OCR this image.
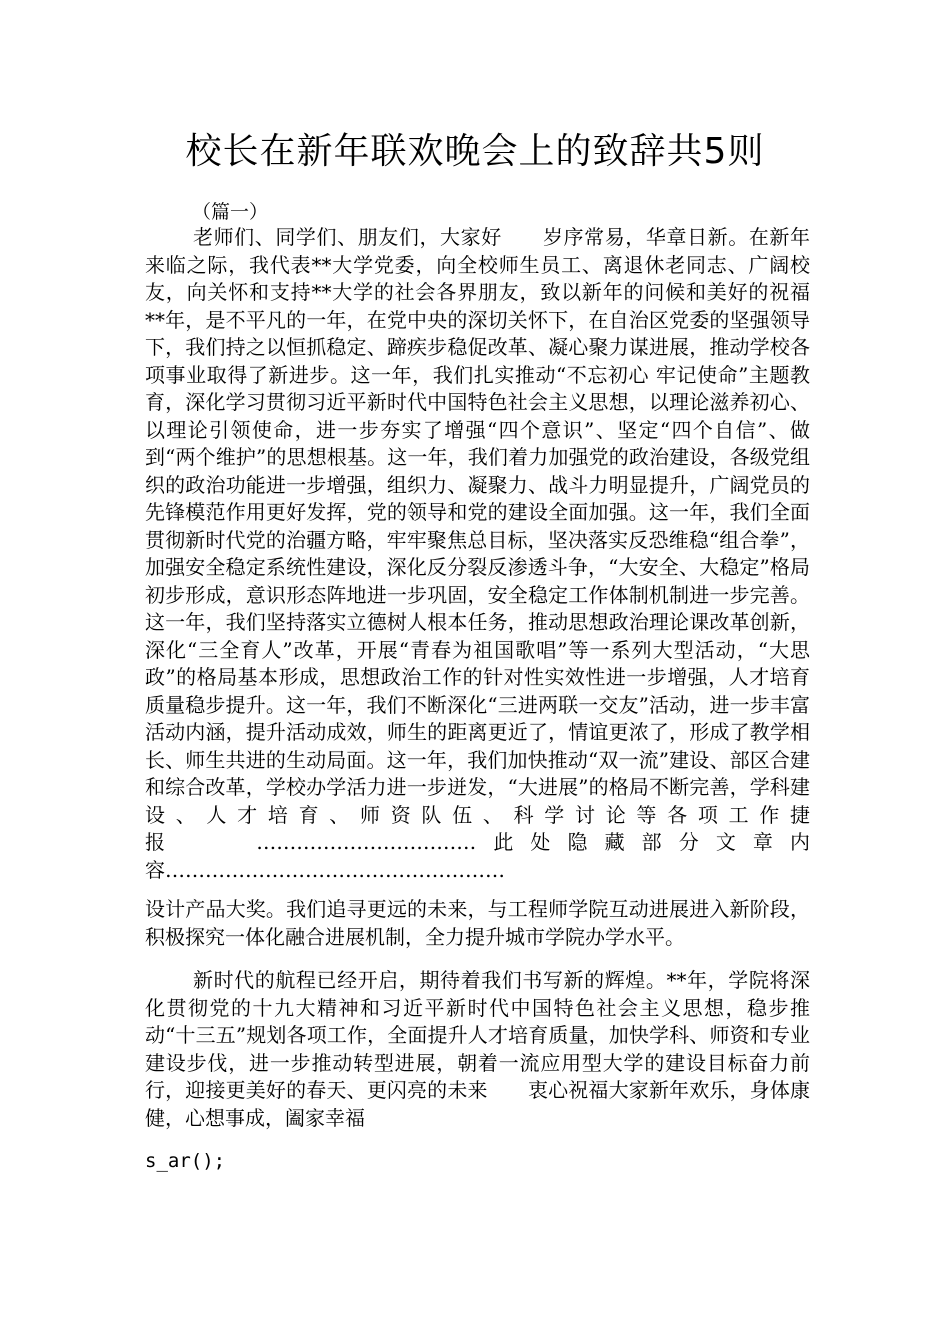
校长在新年联欢晚会上的致辞共5则

（篇一）

老师们、同学们、朋友们，大家好　　岁序常易，华章日新。在新年来临之际，我代表**大学党委，向全校师生员工、离退休老同志、广阔校友，向关怀和支持**大学的社会各界朋友，致以新年的问候和美好的祝福　　**年，是不平凡的一年，在党中央的深切关怀下，在自治区党委的坚强领导下，我们持之以恒抓稳定、蹄疾步稳促改革、凝心聚力谋进展，推动学校各项事业取得了新进步。这一年，我们扎实推动“不忘初心 牢记使命”主题教育，深化学习贯彻习近平新时代中国特色社会主义思想，以理论滋养初心、以理论引领使命，进一步夯实了增强“四个意识”、坚定“四个自信”、做到“两个维护”的思想根基。这一年，我们着力加强党的政治建设，各级党组织的政治功能进一步增强，组织力、凝聚力、战斗力明显提升，广阔党员的先锋模范作用更好发挥，党的领导和党的建设全面加强。这一年，我们全面贯彻新时代党的治疆方略，牢牢聚焦总目标，坚决落实反恐维稳“组合拳”，加强安全稳定系统性建设，深化反分裂反渗透斗争，“大安全、大稳定”格局初步形成，意识形态阵地进一步巩固，安全稳定工作体制机制进一步完善。这一年，我们坚持落实立德树人根本任务，推动思想政治理论课改革创新，深化“三全育人”改革，开展“青春为祖国歌唱”等一系列大型活动，“大思政”的格局基本形成，思想政治工作的针对性实效性进一步增强，人才培育质量稳步提升。这一年，我们不断深化“三进两联一交友”活动，进一步丰富活动内涵，提升活动成效，师生的距离更近了，情谊更浓了，形成了教学相长、师生共进的生动局面。这一年，我们加快推动“双一流”建设、部区合建和综合改革，学校办学活力进一步迸发，“大进展”的格局不断完善，学科建设、人才培育、师资队伍、科学讨论等各项工作捷报　　……………………………此处隐藏部分文章内容……………………………………………

设计产品大奖。我们追寻更远的未来，与工程师学院互动进展进入新阶段，积极探究一体化融合进展机制，全力提升城市学院办学水平。

新时代的航程已经开启，期待着我们书写新的辉煌。**年，学院将深化贯彻党的十九大精神和习近平新时代中国特色社会主义思想，稳步推动“十三五”规划各项工作，全面提升人才培育质量，加快学科、师资和专业建设步伐，进一步推动转型进展，朝着一流应用型大学的建设目标奋力前行，迎接更美好的春天、更闪亮的未来　　衷心祝福大家新年欢乐，身体康健，心想事成，阖家幸福

s_ar();
